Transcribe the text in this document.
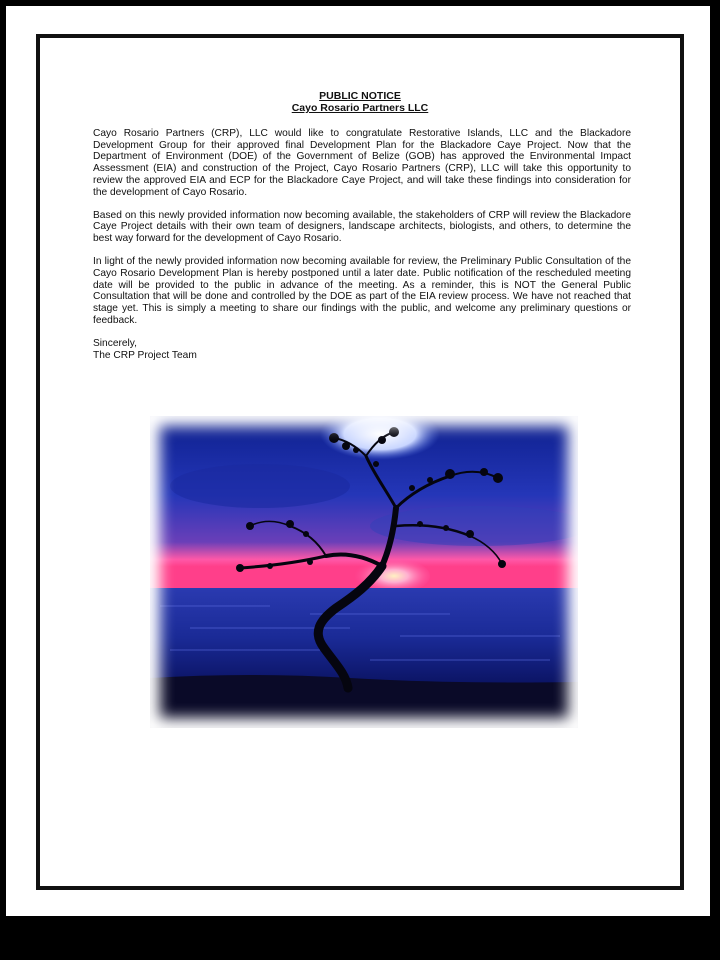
PUBLIC NOTICE
Cayo Rosario Partners LLC

Cayo Rosario Partners (CRP), LLC would like to congratulate Restorative Islands, LLC and the Blackadore Development Group for their approved final Development Plan for the Blackadore Caye Project. Now that the Department of Environment (DOE) of the Government of Belize (GOB) has approved the Environmental Impact Assessment (EIA) and construction of the Project, Cayo Rosario Partners (CRP), LLC will take this opportunity to review the approved EIA and ECP for the Blackadore Caye Project, and will take these findings into consideration for the development of Cayo Rosario.

Based on this newly provided information now becoming available, the stakeholders of CRP will review the Blackadore Caye Project details with their own team of designers, landscape architects, biologists, and others, to determine the best way forward for the development of Cayo Rosario.

In light of the newly provided information now becoming available for review, the Preliminary Public Consultation of the Cayo Rosario Development Plan is hereby postponed until a later date. Public notification of the rescheduled meeting date will be provided to the public in advance of the meeting. As a reminder, this is NOT the General Public Consultation that will be done and controlled by the DOE as part of the EIA review process. We have not reached that stage yet. This is simply a meeting to share our findings with the public, and welcome any preliminary questions or feedback.

Sincerely,
The CRP Project Team
